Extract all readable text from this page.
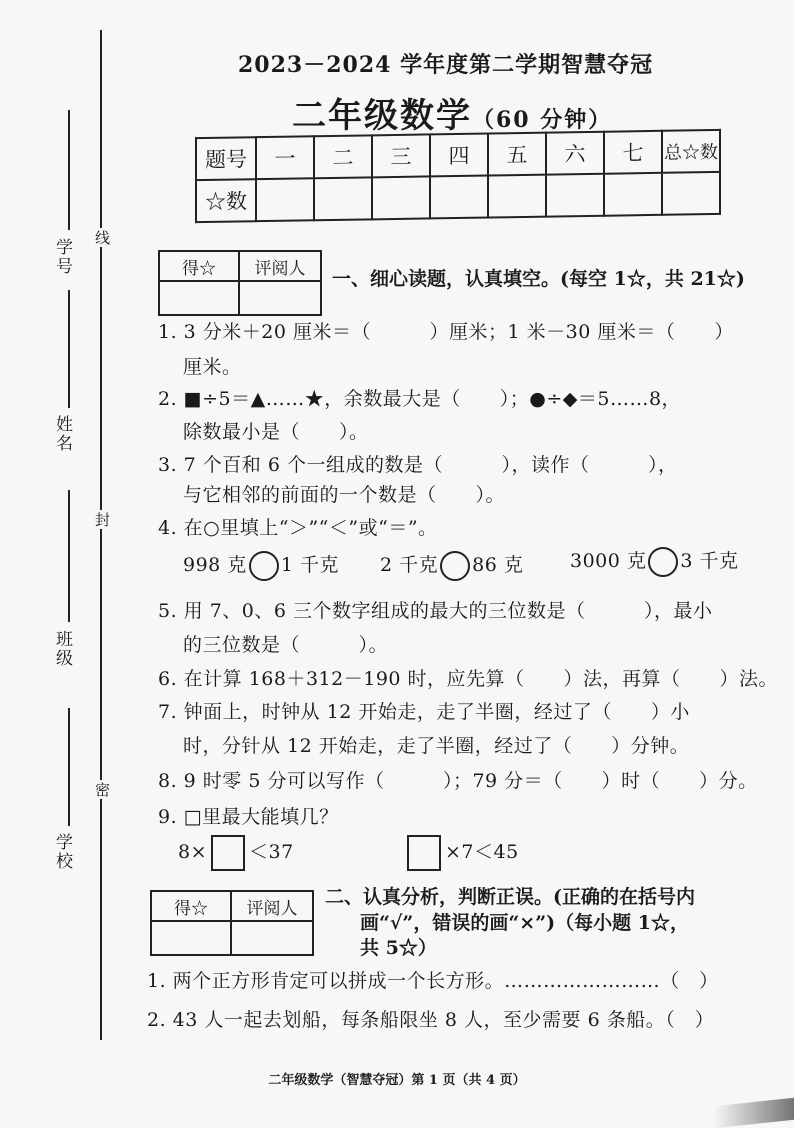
线
封
密
学号
姓名
班级
学校
2023－2024 学年度第二学期智慧夺冠
二年级数学（60 分钟）
题号	一	二	三	四	五	六	七	总☆数
☆数								
得☆	评阅人
	一、细心读题，认真填空。(每空 1☆，共 21☆)
1. 3 分米＋20 厘米＝（　　　）厘米；1 米－30 厘米＝（　　）
厘米。
2. ■÷5＝▲……★，余数最大是（　　）；●÷◆＝5……8，
除数最小是（　　）。
3. 7 个百和 6 个一组成的数是（　　　），读作（　　　），
与它相邻的前面的一个数是（　　）。
4. 在○里填上“＞”“＜”或“＝”。
998 克 1 千克 2 千克 86 克 3000 克 3 千克
5. 用 7、0、6 三个数字组成的最大的三位数是（　　　），最小
的三位数是（　　　）。
6. 在计算 168＋312－190 时，应先算（　　）法，再算（　　）法。
7. 钟面上，时钟从 12 开始走，走了半圈，经过了（　　）小
时，分针从 12 开始走，走了半圈，经过了（　　）分钟。
8. 9 时零 5 分可以写作（　　　）；79 分＝（　　）时（　　）分。
9. □里最大能填几？
8× ＜37	×7＜45
得☆	评阅人

二、认真分析，判断正误。(正确的在括号内
画“√”，错误的画“×”)（每小题 1☆，
共 5☆）
1. 两个正方形肯定可以拼成一个长方形。……………………（　）
2. 43 人一起去划船，每条船限坐 8 人，至少需要 6 条船。（　）
二年级数学（智慧夺冠）第 1 页（共 4 页）
